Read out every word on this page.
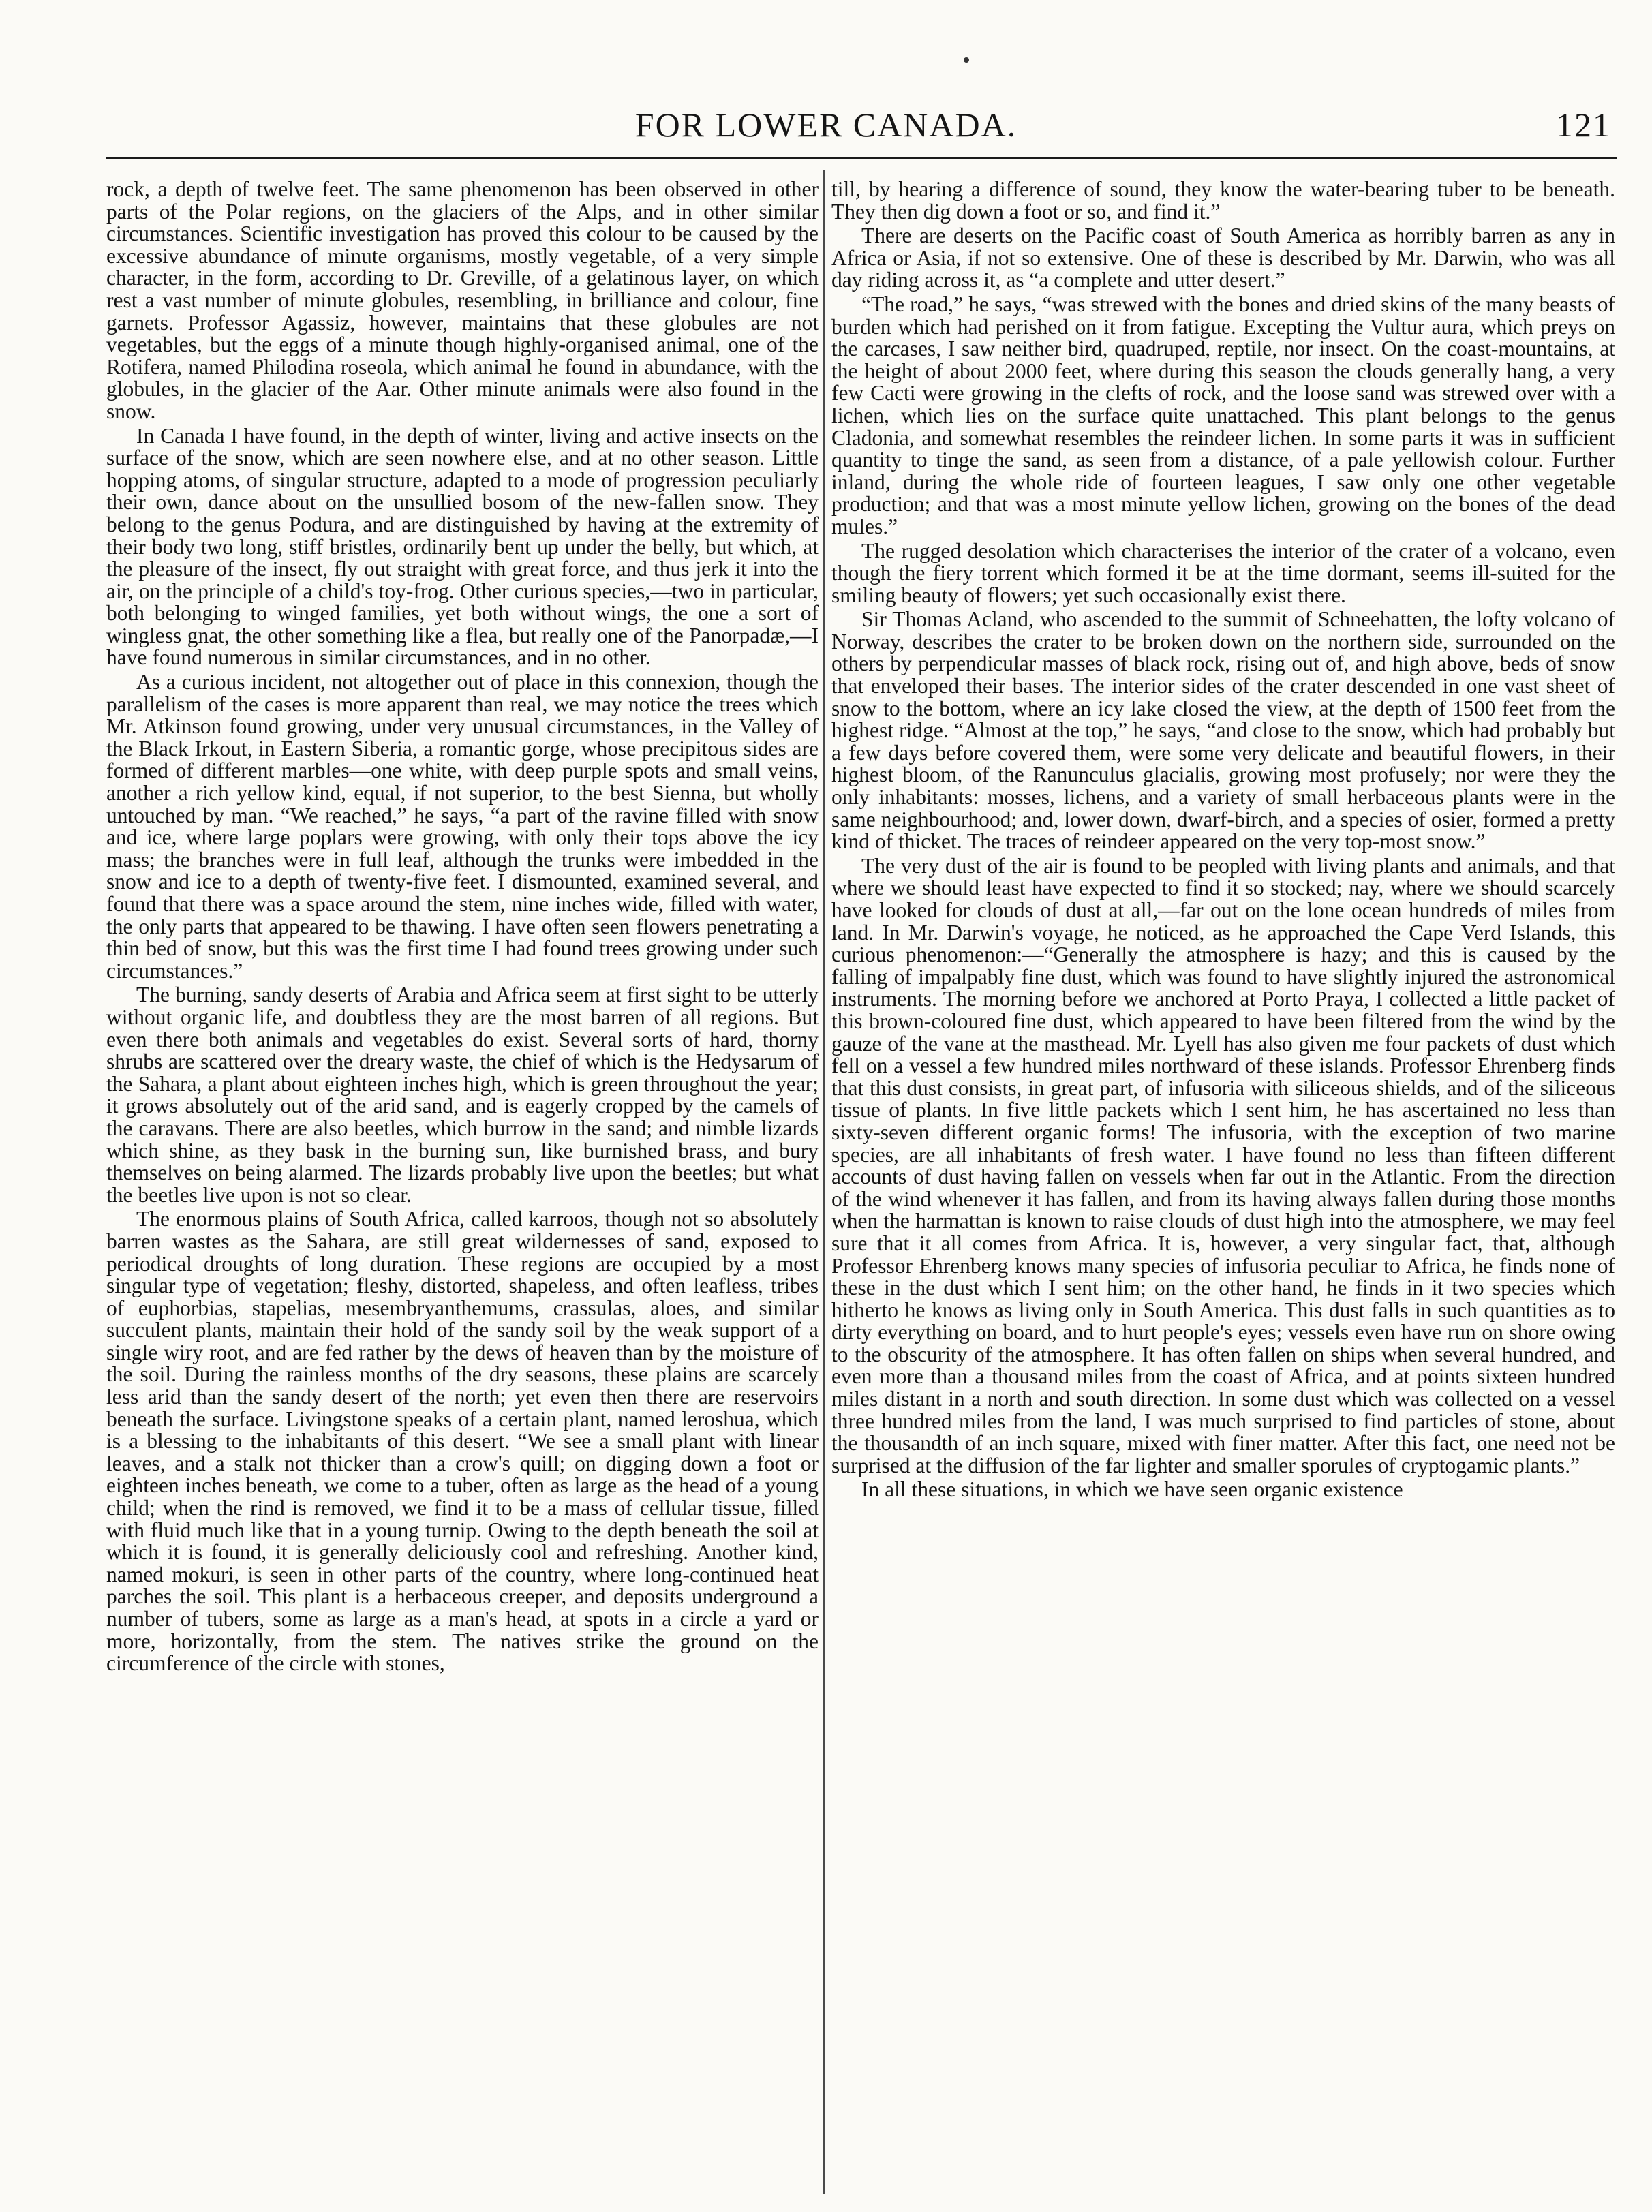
FOR LOWER CANADA.	121

rock, a depth of twelve feet. The same phenomenon has been observed in other parts of the Polar regions, on the glaciers of the Alps, and in other similar circumstances. Scientific investigation has proved this colour to be caused by the excessive abundance of minute organisms, mostly vegetable, of a very simple character, in the form, according to Dr. Greville, of a gelatinous layer, on which rest a vast number of minute globules, resembling, in brilliance and colour, fine garnets. Professor Agassiz, however, maintains that these globules are not vegetables, but the eggs of a minute though highly-organised animal, one of the Rotifera, named Philodina roseola, which animal he found in abundance, with the globules, in the glacier of the Aar. Other minute animals were also found in the snow.

In Canada I have found, in the depth of winter, living and active insects on the surface of the snow, which are seen nowhere else, and at no other season. Little hopping atoms, of singular structure, adapted to a mode of progression peculiarly their own, dance about on the unsullied bosom of the new-fallen snow. They belong to the genus Podura, and are distinguished by having at the extremity of their body two long, stiff bristles, ordinarily bent up under the belly, but which, at the pleasure of the insect, fly out straight with great force, and thus jerk it into the air, on the principle of a child's toy-frog. Other curious species,—two in particular, both belonging to winged families, yet both without wings, the one a sort of wingless gnat, the other something like a flea, but really one of the Panorpadæ,—I have found numerous in similar circumstances, and in no other.

As a curious incident, not altogether out of place in this connexion, though the parallelism of the cases is more apparent than real, we may notice the trees which Mr. Atkinson found growing, under very unusual circumstances, in the Valley of the Black Irkout, in Eastern Siberia, a romantic gorge, whose precipitous sides are formed of different marbles—one white, with deep purple spots and small veins, another a rich yellow kind, equal, if not superior, to the best Sienna, but wholly untouched by man. “We reached,” he says, “a part of the ravine filled with snow and ice, where large poplars were growing, with only their tops above the icy mass; the branches were in full leaf, although the trunks were imbedded in the snow and ice to a depth of twenty-five feet. I dismounted, examined several, and found that there was a space around the stem, nine inches wide, filled with water, the only parts that appeared to be thawing. I have often seen flowers penetrating a thin bed of snow, but this was the first time I had found trees growing under such circumstances.”

The burning, sandy deserts of Arabia and Africa seem at first sight to be utterly without organic life, and doubtless they are the most barren of all regions. But even there both animals and vegetables do exist. Several sorts of hard, thorny shrubs are scattered over the dreary waste, the chief of which is the Hedysarum of the Sahara, a plant about eighteen inches high, which is green throughout the year; it grows absolutely out of the arid sand, and is eagerly cropped by the camels of the caravans. There are also beetles, which burrow in the sand; and nimble lizards which shine, as they bask in the burning sun, like burnished brass, and bury themselves on being alarmed. The lizards probably live upon the beetles; but what the beetles live upon is not so clear.

The enormous plains of South Africa, called karroos, though not so absolutely barren wastes as the Sahara, are still great wildernesses of sand, exposed to periodical droughts of long duration. These regions are occupied by a most singular type of vegetation; fleshy, distorted, shapeless, and often leafless, tribes of euphorbias, stapelias, mesembryanthemums, crassulas, aloes, and similar succulent plants, maintain their hold of the sandy soil by the weak support of a single wiry root, and are fed rather by the dews of heaven than by the moisture of the soil. During the rainless months of the dry seasons, these plains are scarcely less arid than the sandy desert of the north; yet even then there are reservoirs beneath the surface. Livingstone speaks of a certain plant, named leroshua, which is a blessing to the inhabitants of this desert. “We see a small plant with linear leaves, and a stalk not thicker than a crow's quill; on digging down a foot or eighteen inches beneath, we come to a tuber, often as large as the head of a young child; when the rind is removed, we find it to be a mass of cellular tissue, filled with fluid much like that in a young turnip. Owing to the depth beneath the soil at which it is found, it is generally deliciously cool and refreshing. Another kind, named mokuri, is seen in other parts of the country, where long-continued heat parches the soil. This plant is a herbaceous creeper, and deposits underground a number of tubers, some as large as a man's head, at spots in a circle a yard or more, horizontally, from the stem. The natives strike the ground on the circumference of the circle with stones,

till, by hearing a difference of sound, they know the water-bearing tuber to be beneath. They then dig down a foot or so, and find it.”

There are deserts on the Pacific coast of South America as horribly barren as any in Africa or Asia, if not so extensive. One of these is described by Mr. Darwin, who was all day riding across it, as “a complete and utter desert.”

“The road,” he says, “was strewed with the bones and dried skins of the many beasts of burden which had perished on it from fatigue. Excepting the Vultur aura, which preys on the carcases, I saw neither bird, quadruped, reptile, nor insect. On the coast-mountains, at the height of about 2000 feet, where during this season the clouds generally hang, a very few Cacti were growing in the clefts of rock, and the loose sand was strewed over with a lichen, which lies on the surface quite unattached. This plant belongs to the genus Cladonia, and somewhat resembles the reindeer lichen. In some parts it was in sufficient quantity to tinge the sand, as seen from a distance, of a pale yellowish colour. Further inland, during the whole ride of fourteen leagues, I saw only one other vegetable production; and that was a most minute yellow lichen, growing on the bones of the dead mules.”

The rugged desolation which characterises the interior of the crater of a volcano, even though the fiery torrent which formed it be at the time dormant, seems ill-suited for the smiling beauty of flowers; yet such occasionally exist there.

Sir Thomas Acland, who ascended to the summit of Schneehatten, the lofty volcano of Norway, describes the crater to be broken down on the northern side, surrounded on the others by perpendicular masses of black rock, rising out of, and high above, beds of snow that enveloped their bases. The interior sides of the crater descended in one vast sheet of snow to the bottom, where an icy lake closed the view, at the depth of 1500 feet from the highest ridge. “Almost at the top,” he says, “and close to the snow, which had probably but a few days before covered them, were some very delicate and beautiful flowers, in their highest bloom, of the Ranunculus glacialis, growing most profusely; nor were they the only inhabitants: mosses, lichens, and a variety of small herbaceous plants were in the same neighbourhood; and, lower down, dwarf-birch, and a species of osier, formed a pretty kind of thicket. The traces of reindeer appeared on the very top-most snow.”

The very dust of the air is found to be peopled with living plants and animals, and that where we should least have expected to find it so stocked; nay, where we should scarcely have looked for clouds of dust at all,—far out on the lone ocean hundreds of miles from land. In Mr. Darwin's voyage, he noticed, as he approached the Cape Verd Islands, this curious phenomenon:—“Generally the atmosphere is hazy; and this is caused by the falling of impalpably fine dust, which was found to have slightly injured the astronomical instruments. The morning before we anchored at Porto Praya, I collected a little packet of this brown-coloured fine dust, which appeared to have been filtered from the wind by the gauze of the vane at the masthead. Mr. Lyell has also given me four packets of dust which fell on a vessel a few hundred miles northward of these islands. Professor Ehrenberg finds that this dust consists, in great part, of infusoria with siliceous shields, and of the siliceous tissue of plants. In five little packets which I sent him, he has ascertained no less than sixty-seven different organic forms! The infusoria, with the exception of two marine species, are all inhabitants of fresh water. I have found no less than fifteen different accounts of dust having fallen on vessels when far out in the Atlantic. From the direction of the wind whenever it has fallen, and from its having always fallen during those months when the harmattan is known to raise clouds of dust high into the atmosphere, we may feel sure that it all comes from Africa. It is, however, a very singular fact, that, although Professor Ehrenberg knows many species of infusoria peculiar to Africa, he finds none of these in the dust which I sent him; on the other hand, he finds in it two species which hitherto he knows as living only in South America. This dust falls in such quantities as to dirty everything on board, and to hurt people's eyes; vessels even have run on shore owing to the obscurity of the atmosphere. It has often fallen on ships when several hundred, and even more than a thousand miles from the coast of Africa, and at points sixteen hundred miles distant in a north and south direction. In some dust which was collected on a vessel three hundred miles from the land, I was much surprised to find particles of stone, about the thousandth of an inch square, mixed with finer matter. After this fact, one need not be surprised at the diffusion of the far lighter and smaller sporules of cryptogamic plants.”

In all these situations, in which we have seen organic existence
